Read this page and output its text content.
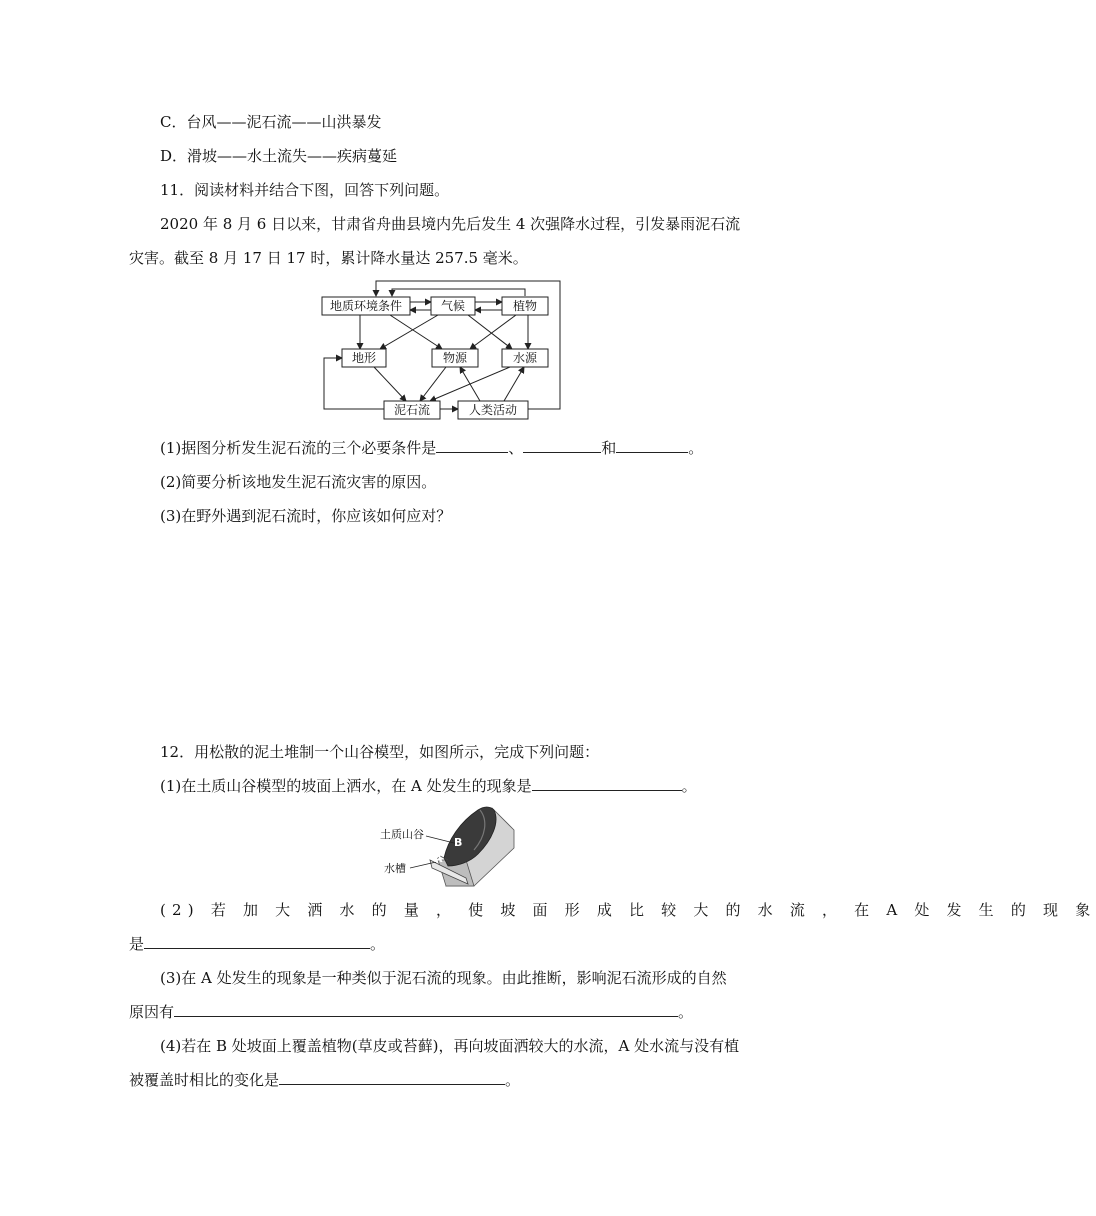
C．台风——泥石流——山洪暴发
D．滑坡——水土流失——疾病蔓延
11．阅读材料并结合下图，回答下列问题。
2020 年 8 月 6 日以来，甘肃省舟曲县境内先后发生 4 次强降水过程，引发暴雨泥石流
灾害。截至 8 月 17 日 17 时，累计降水量达 257.5 毫米。
地质环境条件	气候	植物
地形	物源	水源
泥石流	人类活动
(1)据图分析发生泥石流的三个必要条件是	、	和	。
(2)简要分析该地发生泥石流灾害的原因。
(3)在野外遇到泥石流时，你应该如何应对？
12．用松散的泥土堆制一个山谷模型，如图所示，完成下列问题：
(1)在土质山谷模型的坡面上洒水，在 A 处发生的现象是	。
土质山谷
水槽
B
A
(2) 若 加 大 洒 水 的 量 ， 使 坡 面 形 成 比 较 大 的 水 流 ， 在 A 处 发 生 的 现 象
是	。
(3)在 A 处发生的现象是一种类似于泥石流的现象。由此推断，影响泥石流形成的自然
原因有	。
(4)若在 B 处坡面上覆盖植物(草皮或苔藓)，再向坡面洒较大的水流，A 处水流与没有植
被覆盖时相比的变化是	。
